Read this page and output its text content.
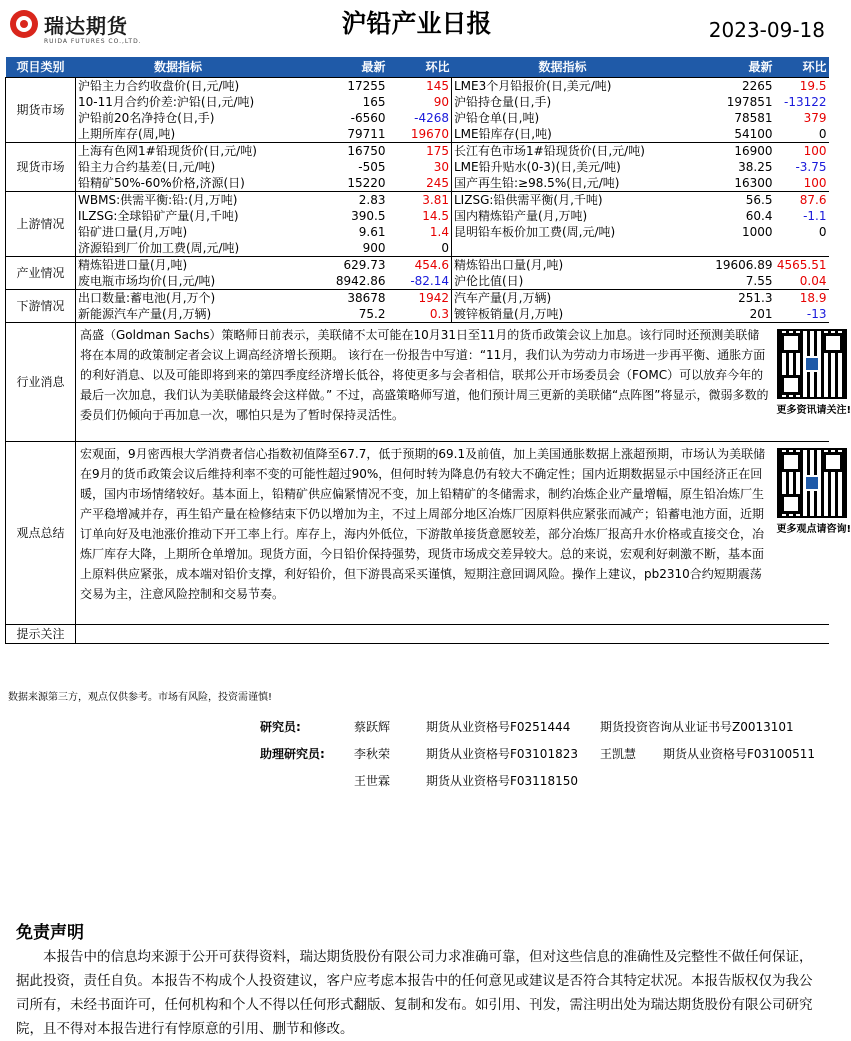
瑞达期货
RUIDA FUTURES CO.,LTD.
沪铅产业日报	2023-09-18
项目类别	数据指标	最新	环比	数据指标	最新	环比
期货市场	沪铅主力合约收盘价(日,元/吨)	17255	145	LME3个月铅报价(日,美元/吨)	2265	19.5
	10-11月合约价差:沪铅(日,元/吨)	165	90	沪铅持仓量(日,手)	197851	-13122
	沪铅前20名净持仓(日,手)	-6560	-4268	沪铅仓单(日,吨)	78581	379
	上期所库存(周,吨)	79711	19670	LME铅库存(日,吨)	54100	0
现货市场	上海有色网1#铅现货价(日,元/吨)	16750	175	长江有色市场1#铅现货价(日,元/吨)	16900	100
	铅主力合约基差(日,元/吨)	-505	30	LME铅升贴水(0-3)(日,美元/吨)	38.25	-3.75
	铅精矿50%-60%价格,济源(日)	15220	245	国产再生铅:≥98.5%(日,元/吨)	16300	100
上游情况	WBMS:供需平衡:铅:(月,万吨)	2.83	3.81	LIZSG:铅供需平衡(月,千吨)	56.5	87.6
	ILZSG:全球铅矿产量(月,千吨)	390.5	14.5	国内精炼铅产量(月,万吨)	60.4	-1.1
	铅矿进口量(月,万吨)	9.61	1.4	昆明铅车板价加工费(周,元/吨)	1000	0
	济源铅到厂价加工费(周,元/吨)	900	0			
产业情况	精炼铅进口量(月,吨)	629.73	454.6	精炼铅出口量(月,吨)	19606.89	4565.51
	废电瓶市场均价(日,元/吨)	8942.86	-82.14	沪伦比值(日)	7.55	0.04
下游情况	出口数量:蓄电池(月,万个)	38678	1942	汽车产量(月,万辆)	251.3	18.9
	新能源汽车产量(月,万辆)	75.2	0.3	镀锌板销量(月,万吨)	201	-13
行业消息	高盛（Goldman Sachs）策略师日前表示，美联储不太可能在10月31日至11月的货币政策会议上加息。该行同时还预测美联储将在本周的政策制定者会议上调高经济增长预期。 该行在一份报告中写道：“11月，我们认为劳动力市场进一步再平衡、通胀方面的利好消息、以及可能即将到来的第四季度经济增长低谷，将使更多与会者相信，联邦公开市场委员会（FOMC）可以放弃今年的最后一次加息，我们认为美联储最终会这样做。” 不过，高盛策略师写道，他们预计周三更新的美联储“点阵图”将显示，微弱多数的委员们仍倾向于再加息一次，哪怕只是为了暂时保持灵活性。					更多资讯请关注!

观点总结	宏观面，9月密西根大学消费者信心指数初值降至67.7，低于预期的69.1及前值，加上美国通胀数据上涨超预期，市场认为美联储在9月的货币政策会议后维持利率不变的可能性超过90%，但何时转为降息仍有较大不确定性；国内近期数据显示中国经济正在回暖，国内市场情绪较好。基本面上，铅精矿供应偏紧情况不变，加上铅精矿的冬储需求，制约冶炼企业产量增幅，原生铅冶炼厂生产平稳增减并存，再生铅产量在检修结束下仍以增加为主，不过上周部分地区冶炼厂因原料供应紧张而减产；铅蓄电池方面，近期订单向好及电池涨价推动下开工率上行。库存上，海内外低位，下游散单接货意愿较差，部分冶炼厂报高升水价格或直接交仓，冶炼厂库存大降，上期所仓单增加。现货方面，今日铅价保持强势，现货市场成交差异较大。总的来说，宏观利好刺激不断，基本面上原料供应紧张，成本端对铅价支撑，利好铅价，但下游畏高采买谨慎，短期注意回调风险。操作上建议，pb2310合约短期震荡交易为主，注意风险控制和交易节奏。					更多观点请咨询!

提示关注						
数据来源第三方，观点仅供参考。市场有风险，投资需谨慎!
研究员:	蔡跃辉	期货从业资格号F0251444 期货投资咨询从业证书号Z0013101
助理研究员: 李秋荣	期货从业资格号F03101823 王凯慧 期货从业资格号F03100511
王世霖	期货从业资格号F03118150
免责声明
本报告中的信息均来源于公开可获得资料，瑞达期货股份有限公司力求准确可靠，但对这些信息的准确性及完整性不做任何保证，据此投资，责任自负。本报告不构成个人投资建议，客户应考虑本报告中的任何意见或建议是否符合其特定状况。本报告版权仅为我公司所有，未经书面许可，任何机构和个人不得以任何形式翻版、复制和发布。如引用、刊发，需注明出处为瑞达期货股份有限公司研究院，且不得对本报告进行有悖原意的引用、删节和修改。
